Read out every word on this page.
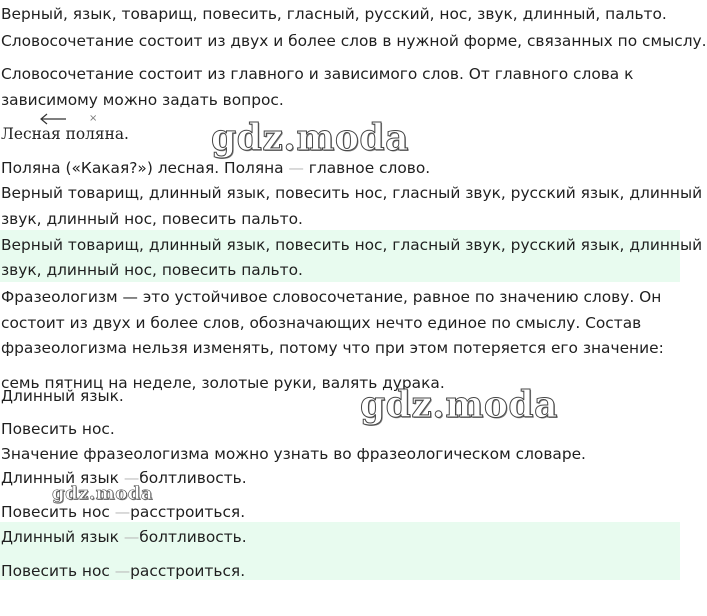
Верный, язык, товарищ, повесить, гласный, русский, нос, звук, длинный, пальто.
Словосочетание состоит из двух и более слов в нужной форме, связанных по смыслу.
Словосочетание состоит из главного и зависимого слов. От главного слова к
зависимому можно задать вопрос.
×
Лесная поляна. gdz.moda
Поляна («Какая?») лесная. Поляна — главное слово.
Верный товарищ, длинный язык, повесить нос, гласный звук, русский язык, длинный
звук, длинный нос, повесить пальто.
Верный товарищ, длинный язык, повесить нос, гласный звук, русский язык, длинный
звук, длинный нос, повесить пальто.
Фразеологизм — это устойчивое словосочетание, равное по значению слову. Он
состоит из двух и более слов, обозначающих нечто единое по смыслу. Состав
фразеологизма нельзя изменять, потому что при этом потеряется его значение:
семь пятниц на неделе, золотые руки, валять дурака.
Длинный язык.	gdz.moda
Повесить нос.
Значение фразеологизма можно узнать во фразеологическом словаре.
Длинный язык —болтливость.
gdz.moda
Повесить нос —расстроиться.
Длинный язык —болтливость.
Повесить нос —расстроиться.
